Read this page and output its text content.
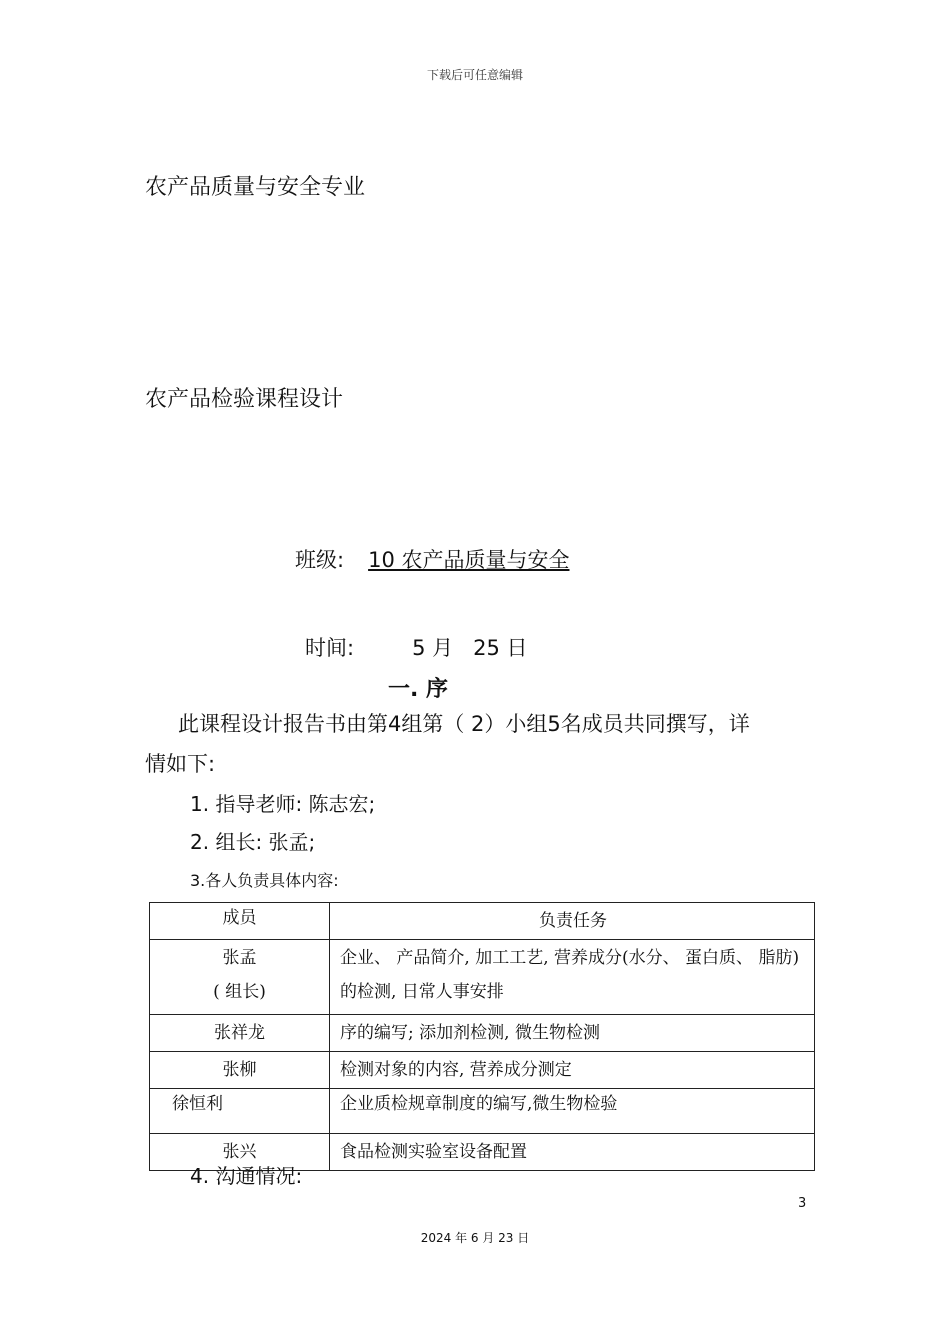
下载后可任意编辑
农产品质量与安全专业
农产品检验课程设计
班级: 10 农产品质量与安全
时间:	5 月 25 日
一. 序
此课程设计报告书由第4组第（ 2）小组5名成员共同撰写，详
情如下:
1. 指导老师: 陈志宏;
2. 组长: 张孟;
3.各人负责具体内容:
成员	负责任务

张孟
( 组长)	企业、 产品简介, 加工工艺, 营养成分(水分、 蛋白质、 脂肪)的检测, 日常人事安排
张祥龙	序的编写; 添加剂检测, 微生物检测
张柳	检测对象的内容, 营养成分测定
徐恒利	企业质检规章制度的编写,微生物检验
张兴	食品检测实验室设备配置
4. 沟通情况:
3
2024 年 6 月 23 日
